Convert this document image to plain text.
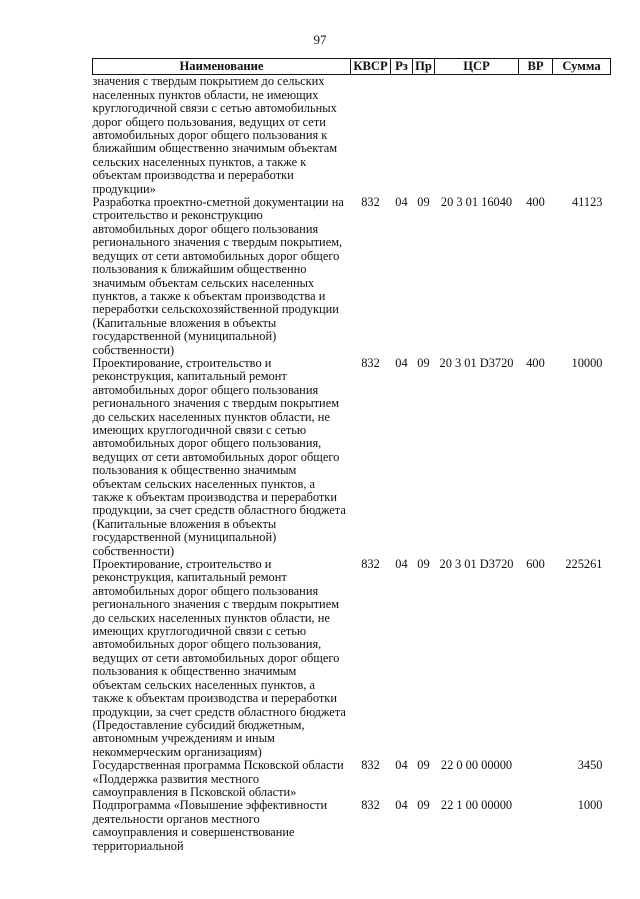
97
Наименование	КВСР	Рз	Пр	ЦСР	ВР	Сумма
значения с твердым покрытием до сельских населенных пунктов области, не имеющих круглогодичной связи с сетью автомобильных дорог общего пользования, ведущих от сети автомобильных дорог общего пользования к ближайшим общественно значимым объектам сельских населенных пунктов, а также к объектам производства и переработки продукции»						
Разработка проектно-сметной документации на строительство и реконструкцию автомобильных дорог общего пользования регионального значения с твердым покрытием, ведущих от сети автомобильных дорог общего пользования к ближайшим общественно значимым объектам сельских населенных пунктов, а также к объектам производства и переработки сельскохозяйственной продукции (Капитальные вложения в объекты государственной (муниципальной) собственности)	832	04	09	20 3 01 16040	400	41123
Проектирование, строительство и реконструкция, капитальный ремонт автомобильных дорог общего пользования регионального значения с твердым покрытием до сельских населенных пунктов области, не имеющих круглогодичной связи с сетью автомобильных дорог общего пользования, ведущих от сети автомобильных дорог общего пользования к общественно значимым объектам сельских населенных пунктов, а также к объектам производства и переработки продукции, за счет средств областного бюджета (Капитальные вложения в объекты государственной (муниципальной) собственности)	832	04	09	20 3 01 D3720	400	10000
Проектирование, строительство и реконструкция, капитальный ремонт автомобильных дорог общего пользования регионального значения с твердым покрытием до сельских населенных пунктов области, не имеющих круглогодичной связи с сетью автомобильных дорог общего пользования, ведущих от сети автомобильных дорог общего пользования к общественно значимым объектам сельских населенных пунктов, а также к объектам производства и переработки продукции, за счет средств областного бюджета (Предоставление субсидий бюджетным, автономным учреждениям и иным некоммерческим организациям)	832	04	09	20 3 01 D3720	600	225261
Государственная программа Псковской области «Поддержка развития местного самоуправления в Псковской области»	832	04	09	22 0 00 00000		3450
Подпрограмма «Повышение эффективности деятельности органов местного самоуправления и совершенствование территориальной	832	04	09	22 1 00 00000		1000
